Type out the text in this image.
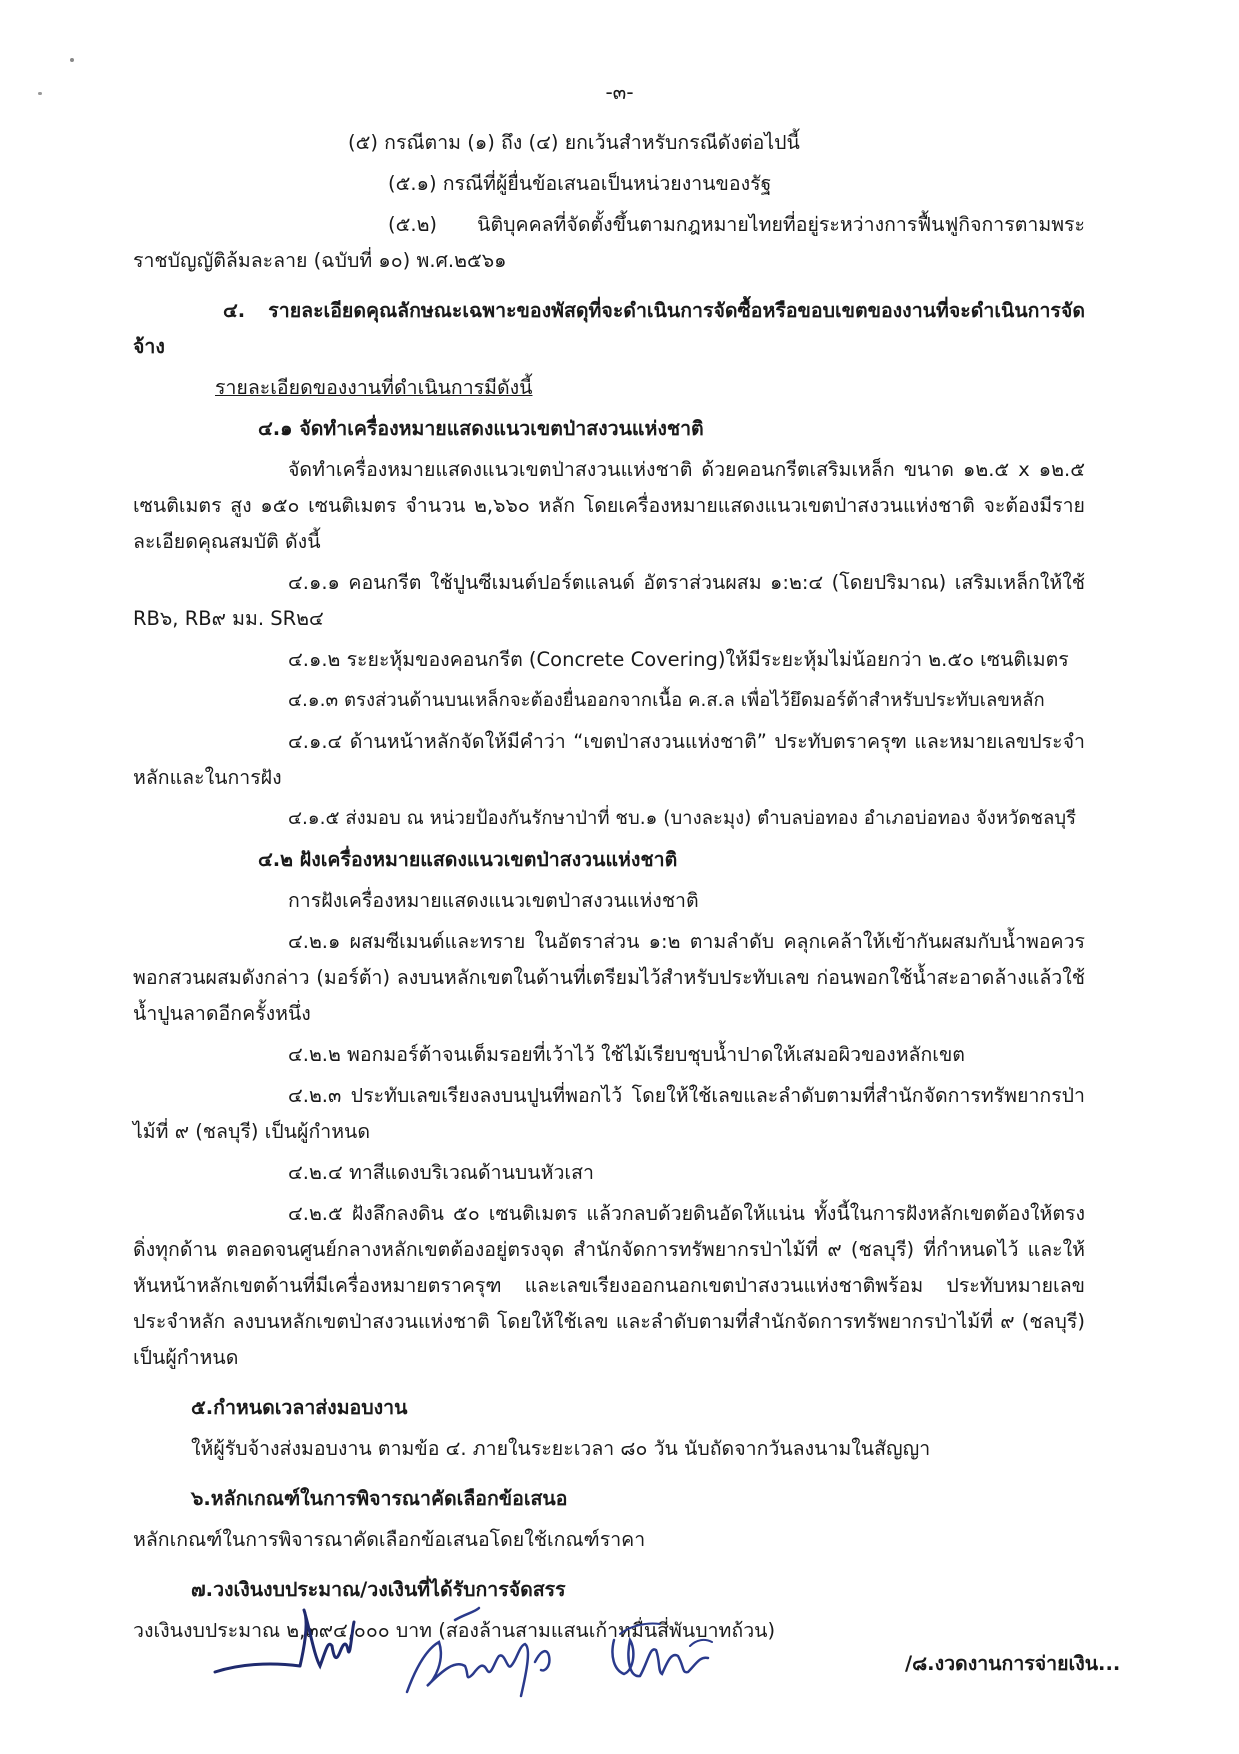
-๓-

(๕) กรณีตาม (๑) ถึง (๔) ยกเว้นสำหรับกรณีดังต่อไปนี้

(๕.๑) กรณีที่ผู้ยื่นข้อเสนอเป็นหน่วยงานของรัฐ

(๕.๒) นิติบุคคลที่จัดตั้งขึ้นตามกฎหมายไทยที่อยู่ระหว่างการฟื้นฟูกิจการตามพระราชบัญญัติล้มละลาย (ฉบับที่ ๑๐) พ.ศ.๒๕๖๑

๔. รายละเอียดคุณลักษณะเฉพาะของพัสดุที่จะดำเนินการจัดซื้อหรือขอบเขตของงานที่จะดำเนินการจัดจ้าง

รายละเอียดของงานที่ดำเนินการมีดังนี้

๔.๑ จัดทำเครื่องหมายแสดงแนวเขตป่าสงวนแห่งชาติ

จัดทำเครื่องหมายแสดงแนวเขตป่าสงวนแห่งชาติ ด้วยคอนกรีตเสริมเหล็ก ขนาด ๑๒.๕ x ๑๒.๕ เซนติเมตร สูง ๑๕๐ เซนติเมตร จำนวน ๒,๖๖๐ หลัก โดยเครื่องหมายแสดงแนวเขตป่าสงวนแห่งชาติ จะต้องมีรายละเอียดคุณสมบัติ ดังนี้

๔.๑.๑ คอนกรีต ใช้ปูนซีเมนต์ปอร์ตแลนด์ อัตราส่วนผสม ๑:๒:๔ (โดยปริมาณ) เสริมเหล็กให้ใช้ RB๖, RB๙ มม. SR๒๔

๔.๑.๒ ระยะหุ้มของคอนกรีต (Concrete Covering)ให้มีระยะหุ้มไม่น้อยกว่า ๒.๕๐ เซนติเมตร

๔.๑.๓ ตรงส่วนด้านบนเหล็กจะต้องยื่นออกจากเนื้อ ค.ส.ล เพื่อไว้ยึดมอร์ต้าสำหรับประทับเลขหลัก

๔.๑.๔ ด้านหน้าหลักจัดให้มีคำว่า “เขตป่าสงวนแห่งชาติ” ประทับตราครุฑ และหมายเลขประจำหลักและในการฝัง

๔.๑.๕ ส่งมอบ ณ หน่วยป้องกันรักษาป่าที่ ชบ.๑ (บางละมุง) ตำบลบ่อทอง อำเภอบ่อทอง จังหวัดชลบุรี

๔.๒ ฝังเครื่องหมายแสดงแนวเขตป่าสงวนแห่งชาติ

การฝังเครื่องหมายแสดงแนวเขตป่าสงวนแห่งชาติ

๔.๒.๑ ผสมซีเมนต์และทราย ในอัตราส่วน ๑:๒ ตามลำดับ คลุกเคล้าให้เข้ากันผสมกับน้ำพอควร พอกสวนผสมดังกล่าว (มอร์ต้า) ลงบนหลักเขตในด้านที่เตรียมไว้สำหรับประทับเลข ก่อนพอกใช้น้ำสะอาดล้างแล้วใช้น้ำปูนลาดอีกครั้งหนึ่ง

๔.๒.๒ พอกมอร์ต้าจนเต็มรอยที่เว้าไว้ ใช้ไม้เรียบชุบน้ำปาดให้เสมอผิวของหลักเขต

๔.๒.๓ ประทับเลขเรียงลงบนปูนที่พอกไว้ โดยให้ใช้เลขและลำดับตามที่สำนักจัดการทรัพยากรป่าไม้ที่ ๙ (ชลบุรี) เป็นผู้กำหนด

๔.๒.๔ ทาสีแดงบริเวณด้านบนหัวเสา

๔.๒.๕ ฝังลึกลงดิน ๕๐ เซนติเมตร แล้วกลบด้วยดินอัดให้แน่น ทั้งนี้ในการฝังหลักเขตต้องให้ตรงดิ่งทุกด้าน ตลอดจนศูนย์กลางหลักเขตต้องอยู่ตรงจุด สำนักจัดการทรัพยากรป่าไม้ที่ ๙ (ชลบุรี) ที่กำหนดไว้ และให้หันหน้าหลักเขตด้านที่มีเครื่องหมายตราครุฑ และเลขเรียงออกนอกเขตป่าสงวนแห่งชาติพร้อม ประทับหมายเลขประจำหลัก ลงบนหลักเขตป่าสงวนแห่งชาติ โดยให้ใช้เลข และลำดับตามที่สำนักจัดการทรัพยากรป่าไม้ที่ ๙ (ชลบุรี) เป็นผู้กำหนด

๕.กำหนดเวลาส่งมอบงาน

ให้ผู้รับจ้างส่งมอบงาน ตามข้อ ๔. ภายในระยะเวลา ๘๐ วัน นับถัดจากวันลงนามในสัญญา

๖.หลักเกณฑ์ในการพิจารณาคัดเลือกข้อเสนอ

หลักเกณฑ์ในการพิจารณาคัดเลือกข้อเสนอโดยใช้เกณฑ์ราคา

๗.วงเงินงบประมาณ/วงเงินที่ได้รับการจัดสรร

วงเงินงบประมาณ ๒,๓๙๔,๐๐๐ บาท (สองล้านสามแสนเก้าหมื่นสี่พันบาทถ้วน)

/๘.งวดงานการจ่ายเงิน...
